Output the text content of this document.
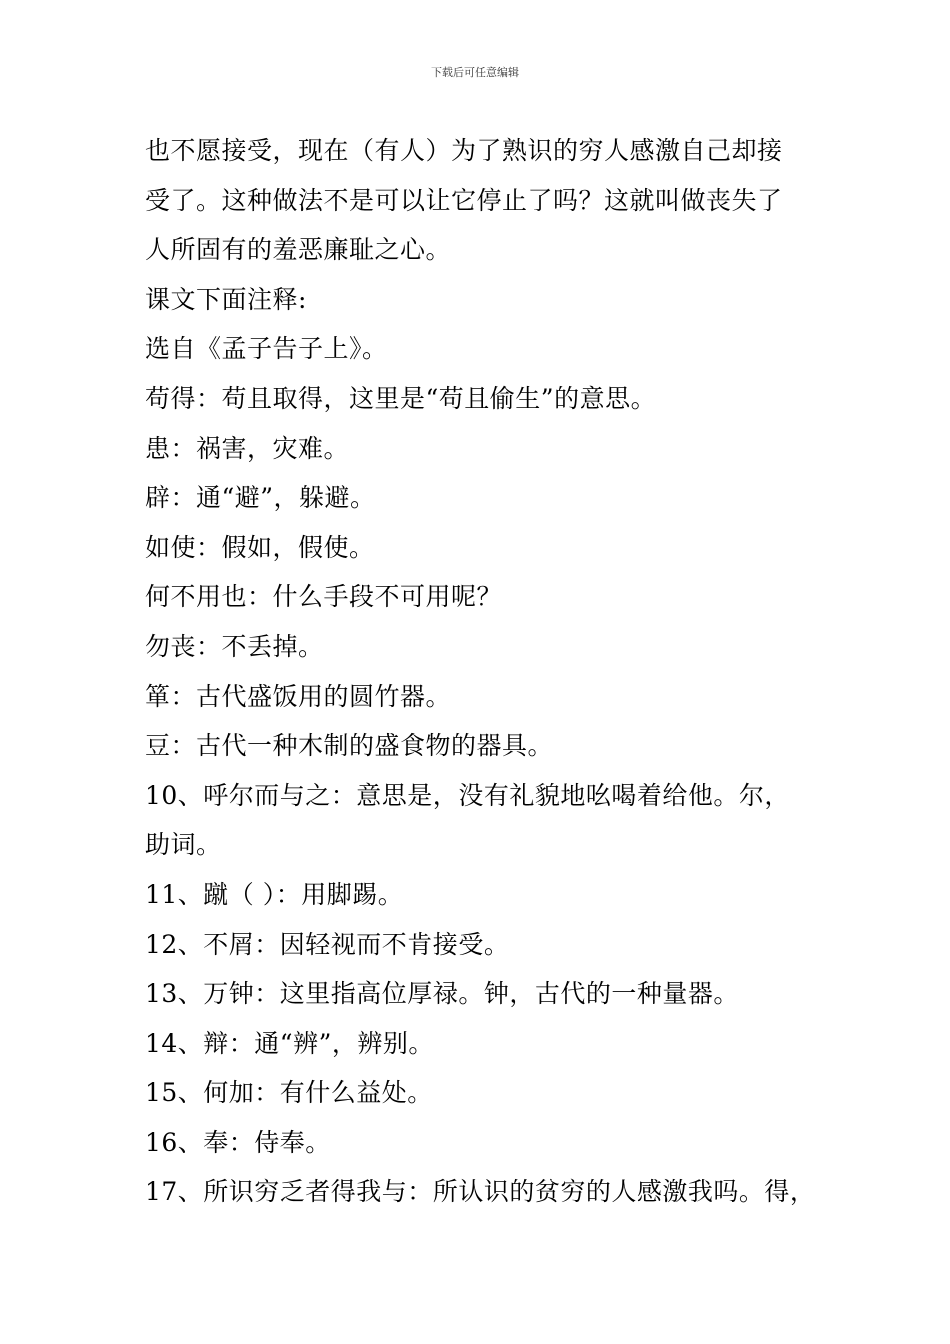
下载后可任意编辑
也不愿接受，现在（有人）为了熟识的穷人感激自己却接
受了。这种做法不是可以让它停止了吗？这就叫做丧失了
人所固有的羞恶廉耻之心。
课文下面注释:
选自《孟子告子上》。
苟得：苟且取得，这里是“苟且偷生”的意思。
患：祸害，灾难。
辟：通“避”，躲避。
如使：假如，假使。
何不用也：什么手段不可用呢？
勿丧：不丢掉。
箪：古代盛饭用的圆竹器。
豆：古代一种木制的盛食物的器具。
10、呼尔而与之：意思是，没有礼貌地吆喝着给他。尔，
助词。
11、蹴（ ）：用脚踢。
12、不屑：因轻视而不肯接受。
13、万钟：这里指高位厚禄。钟，古代的一种量器。
14、辩：通“辨”，辨别。
15、何加：有什么益处。
16、奉：侍奉。
17、所识穷乏者得我与：所认识的贫穷的人感激我吗。得，
